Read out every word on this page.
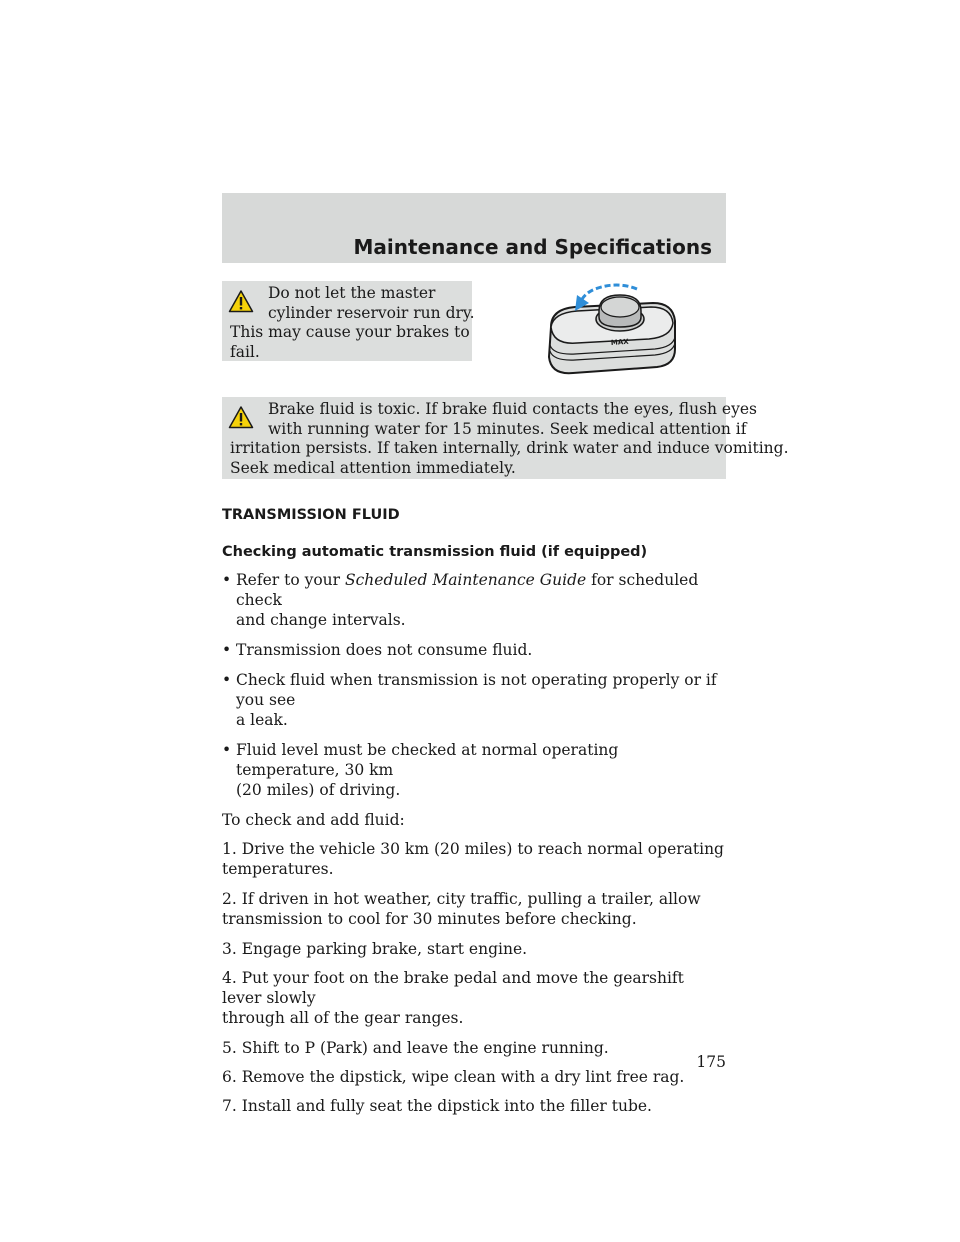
Maintenance and Specifications
Do not let the master
cylinder reservoir run dry.
This may cause your brakes to
fail.
MAX
Brake fluid is toxic. If brake fluid contacts the eyes, flush eyes
with running water for 15 minutes. Seek medical attention if
irritation persists. If taken internally, drink water and induce vomiting.
Seek medical attention immediately.
TRANSMISSION FLUID
Checking automatic transmission fluid (if equipped)
• Refer to your Scheduled Maintenance Guide for scheduled check
and change intervals.
• Transmission does not consume fluid.
• Check fluid when transmission is not operating properly or if you see
a leak.
• Fluid level must be checked at normal operating temperature, 30 km
(20 miles) of driving.

To check and add fluid:

1. Drive the vehicle 30 km (20 miles) to reach normal operating
temperatures.

2. If driven in hot weather, city traffic, pulling a trailer, allow
transmission to cool for 30 minutes before checking.

3. Engage parking brake, start engine.

4. Put your foot on the brake pedal and move the gearshift lever slowly
through all of the gear ranges.

5. Shift to P (Park) and leave the engine running.

6. Remove the dipstick, wipe clean with a dry lint free rag.

7. Install and fully seat the dipstick into the filler tube.

175
